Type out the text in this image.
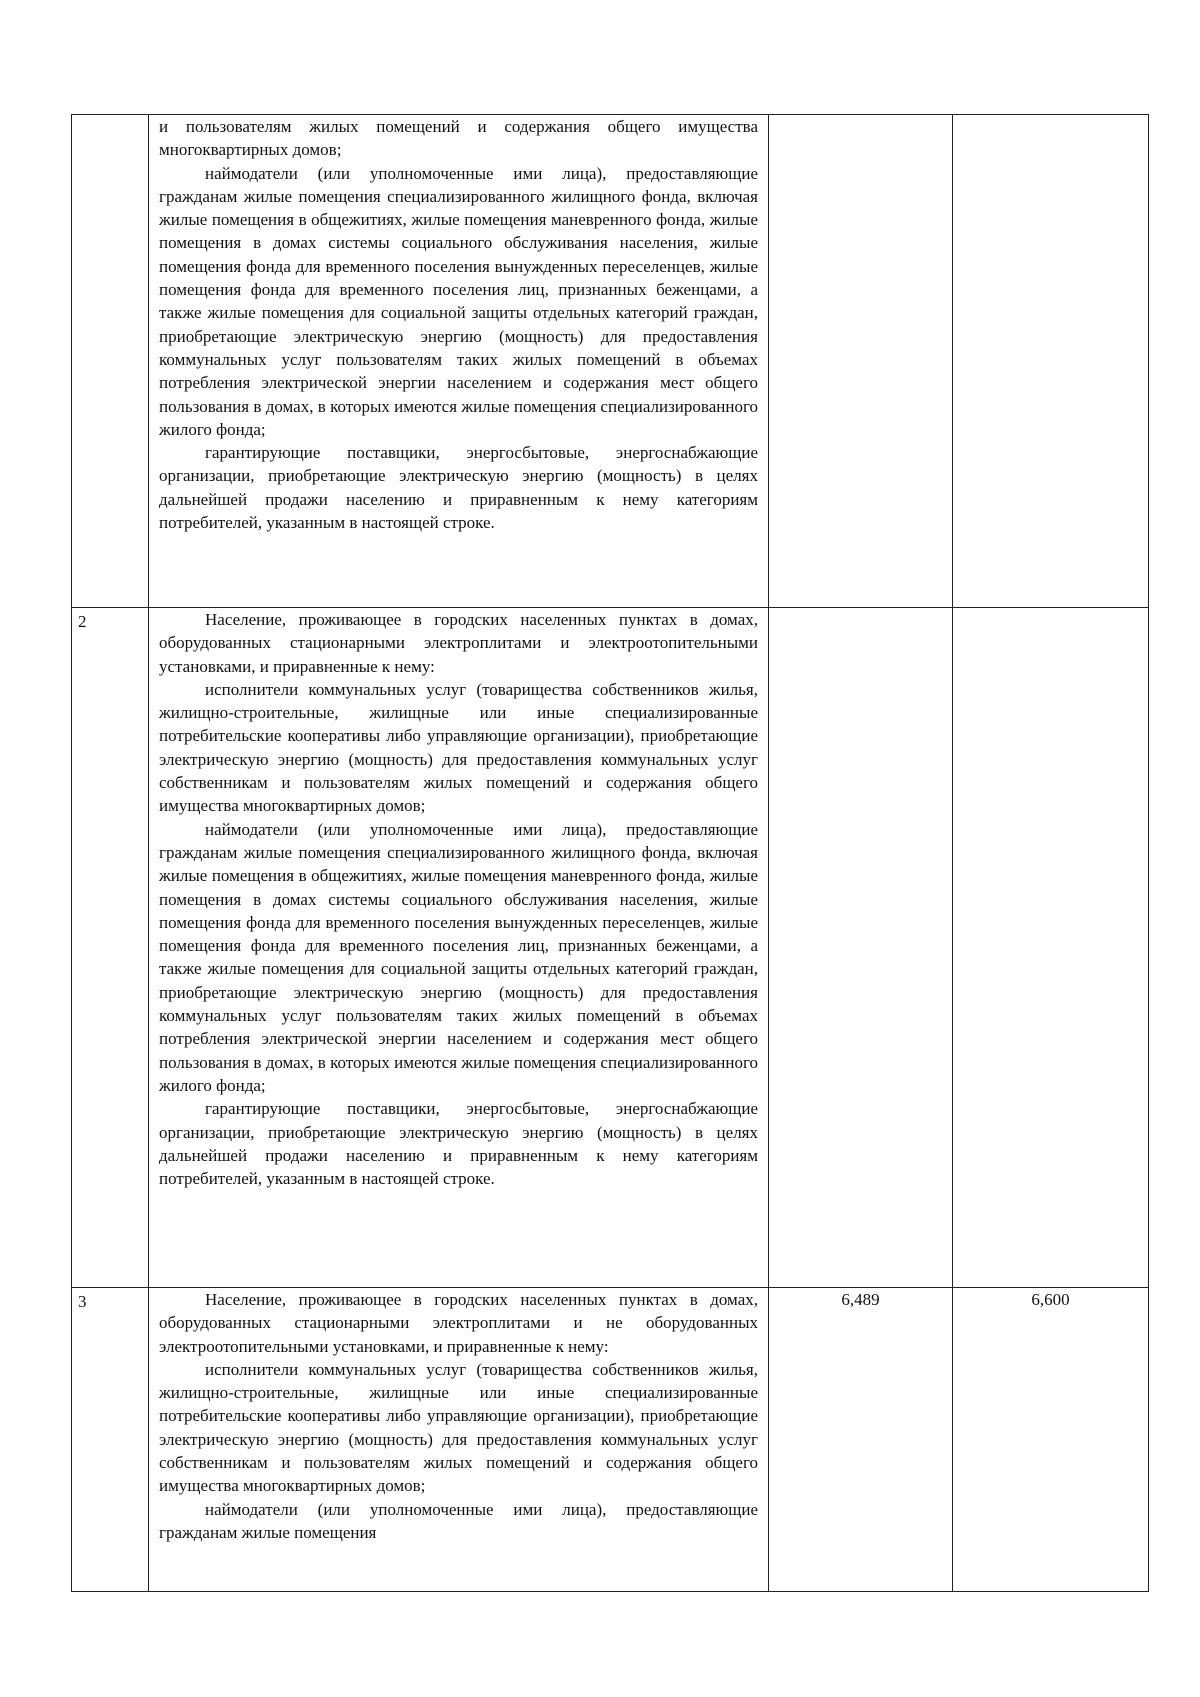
	и пользователям жилых помещений и содержания общего имущества многоквартирных домов;

наймодатели (или уполномоченные ими лица), предоставляющие гражданам жилые помещения специализированного жилищного фонда, включая жилые помещения в общежитиях, жилые помещения маневренного фонда, жилые помещения в домах системы социального обслуживания населения, жилые помещения фонда для временного поселения вынужденных переселенцев, жилые помещения фонда для временного поселения лиц, признанных беженцами, а также жилые помещения для социальной защиты отдельных категорий граждан, приобретающие электрическую энергию (мощность) для предоставления коммунальных услуг пользователям таких жилых помещений в объемах потребления электрической энергии населением и содержания мест общего пользования в домах, в которых имеются жилые помещения специализированного жилого фонда;

гарантирующие поставщики, энергосбытовые, энергоснабжающие организации, приобретающие электрическую энергию (мощность) в целях дальнейшей продажи населению и приравненным к нему категориям потребителей, указанным в настоящей строке.		

2	Население, проживающее в городских населенных пунктах в домах, оборудованных стационарными электроплитами и электроотопительными установками, и приравненные к нему:

исполнители коммунальных услуг (товарищества собственников жилья, жилищно-строительные, жилищные или иные специализированные потребительские кооперативы либо управляющие организации), приобретающие электрическую энергию (мощность) для предоставления коммунальных услуг собственникам и пользователям жилых помещений и содержания общего имущества многоквартирных домов;

наймодатели (или уполномоченные ими лица), предоставляющие гражданам жилые помещения специализированного жилищного фонда, включая жилые помещения в общежитиях, жилые помещения маневренного фонда, жилые помещения в домах системы социального обслуживания населения, жилые помещения фонда для временного поселения вынужденных переселенцев, жилые помещения фонда для временного поселения лиц, признанных беженцами, а также жилые помещения для социальной защиты отдельных категорий граждан, приобретающие электрическую энергию (мощность) для предоставления коммунальных услуг пользователям таких жилых помещений в объемах потребления электрической энергии населением и содержания мест общего пользования в домах, в которых имеются жилые помещения специализированного жилого фонда;

гарантирующие поставщики, энергосбытовые, энергоснабжающие организации, приобретающие электрическую энергию (мощность) в целях дальнейшей продажи населению и приравненным к нему категориям потребителей, указанным в настоящей строке.		

3	Население, проживающее в городских населенных пунктах в домах, оборудованных стационарными электроплитами и не оборудованных электроотопительными установками, и приравненные к нему:

исполнители коммунальных услуг (товарищества собственников жилья, жилищно-строительные, жилищные или иные специализированные потребительские кооперативы либо управляющие организации), приобретающие электрическую энергию (мощность) для предоставления коммунальных услуг собственникам и пользователям жилых помещений и содержания общего имущества многоквартирных домов;

наймодатели (или уполномоченные ими лица), предоставляющие гражданам жилые помещения	6,489	6,600
